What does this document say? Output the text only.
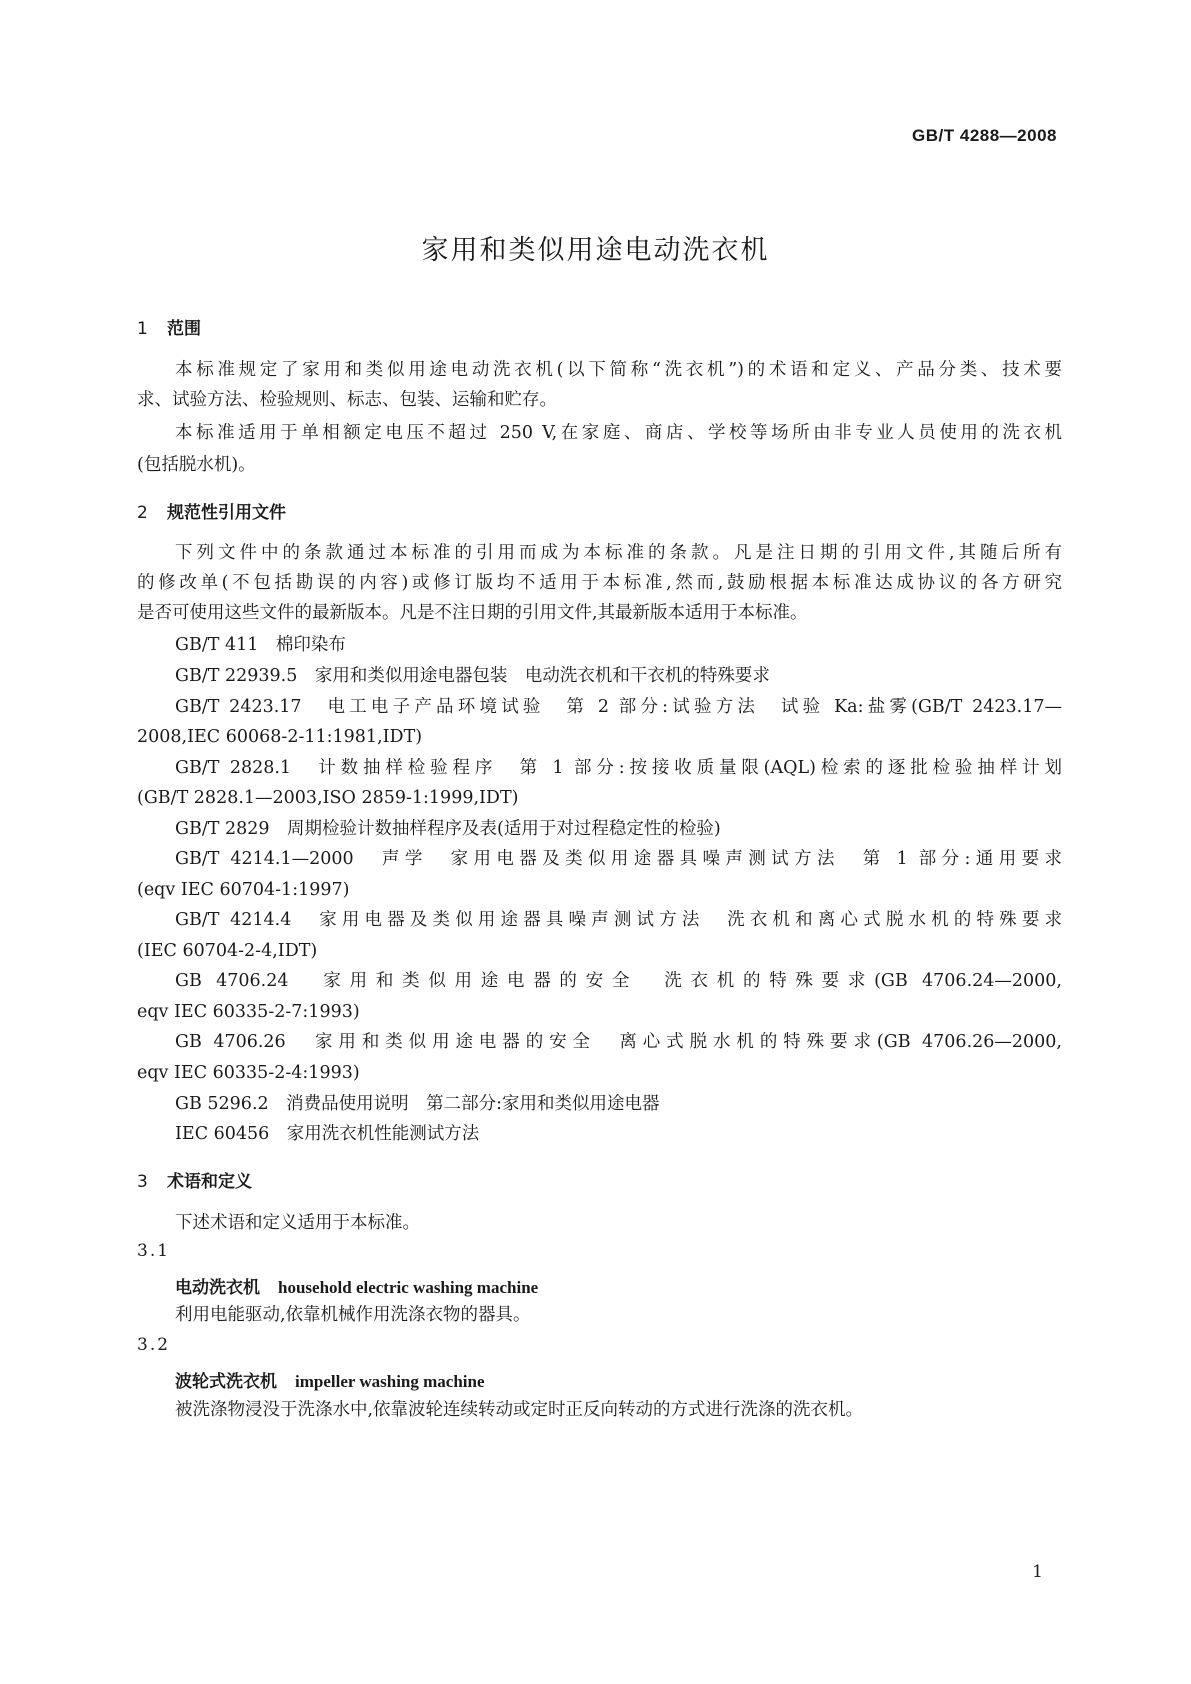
GB/T 4288—2008
家用和类似用途电动洗衣机
1 范围
本标准规定了家用和类似用途电动洗衣机(以下简称“洗衣机”)的术语和定义、产品分类、技术要
求、试验方法、检验规则、标志、包装、运输和贮存。
本标准适用于单相额定电压不超过 250 V,在家庭、商店、学校等场所由非专业人员使用的洗衣机
(包括脱水机)。
2 规范性引用文件
下列文件中的条款通过本标准的引用而成为本标准的条款。凡是注日期的引用文件,其随后所有
的修改单(不包括勘误的内容)或修订版均不适用于本标准,然而,鼓励根据本标准达成协议的各方研究
是否可使用这些文件的最新版本。凡是不注日期的引用文件,其最新版本适用于本标准。
GB/T 411　棉印染布
GB/T 22939.5　家用和类似用途电器包装　电动洗衣机和干衣机的特殊要求
GB/T 2423.17　电工电子产品环境试验　第 2 部分:试验方法　试验 Ka:盐雾(GB/T 2423.17—
2008,IEC 60068-2-11:1981,IDT)
GB/T 2828.1　计数抽样检验程序　第 1 部分:按接收质量限(AQL)检索的逐批检验抽样计划
(GB/T 2828.1—2003,ISO 2859-1:1999,IDT)
GB/T 2829　周期检验计数抽样程序及表(适用于对过程稳定性的检验)
GB/T 4214.1—2000　声学　家用电器及类似用途器具噪声测试方法　第 1 部分:通用要求
(eqv IEC 60704-1:1997)
GB/T 4214.4　家用电器及类似用途器具噪声测试方法　洗衣机和离心式脱水机的特殊要求
(IEC 60704-2-4,IDT)
GB 4706.24　家用和类似用途电器的安全　洗衣机的特殊要求(GB 4706.24—2000,
eqv IEC 60335-2-7:1993)
GB 4706.26　家用和类似用途电器的安全　离心式脱水机的特殊要求(GB 4706.26—2000,
eqv IEC 60335-2-4:1993)
GB 5296.2　消费品使用说明　第二部分:家用和类似用途电器
IEC 60456　家用洗衣机性能测试方法
3 术语和定义
下述术语和定义适用于本标准。
3.1
电动洗衣机 household electric washing machine
利用电能驱动,依靠机械作用洗涤衣物的器具。
3.2
波轮式洗衣机 impeller washing machine
被洗涤物浸没于洗涤水中,依靠波轮连续转动或定时正反向转动的方式进行洗涤的洗衣机。
1
